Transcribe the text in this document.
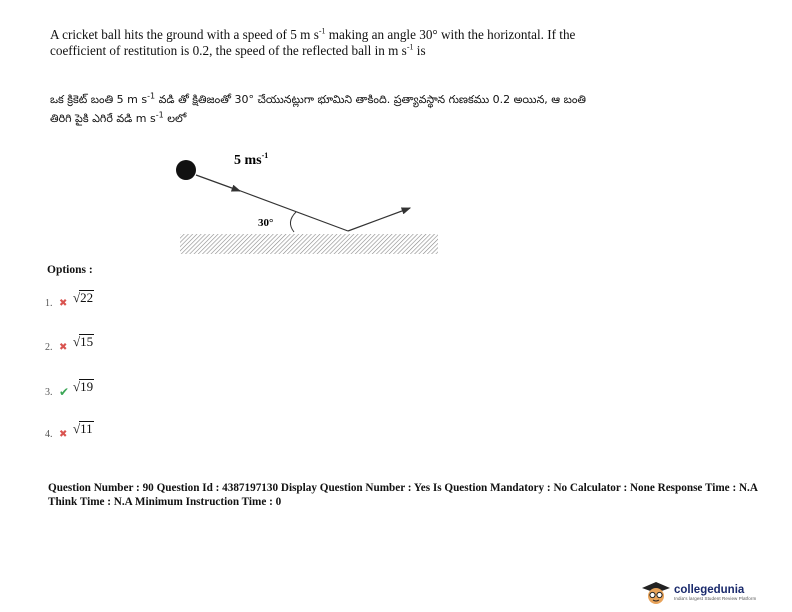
A cricket ball hits the ground with a speed of 5 m $s^{-1}$ making an angle 30° with the horizontal. If the coefficient of restitution is 0.2, the speed of the reflected ball in m $s^{-1}$ is
ఒక క్రికెట్ బంతి 5 m $s^{-1}$ వడి తో క్షితిజంతో 30° చేయునట్లుగా భూమిని తాకింది. ప్రత్యావస్థాన గుణకము 0.2 అయిన, ఆ బంతి తిరిగి పైకి ఎగిరే వడి m $s^{-1}$ లలో
5 $ms^{-1}$
30°
Options :
1. ✖ √ 22
2. ✖ √ 15
3. ✔ √ 19
4. ✖ √ 11
Question Number : 90 Question Id : 4387197130 Display Question Number : Yes Is Question Mandatory : No Calculator : None Response Time : N.A Think Time : N.A Minimum Instruction Time : 0
collegedunia
India's largest Student Review Platform
